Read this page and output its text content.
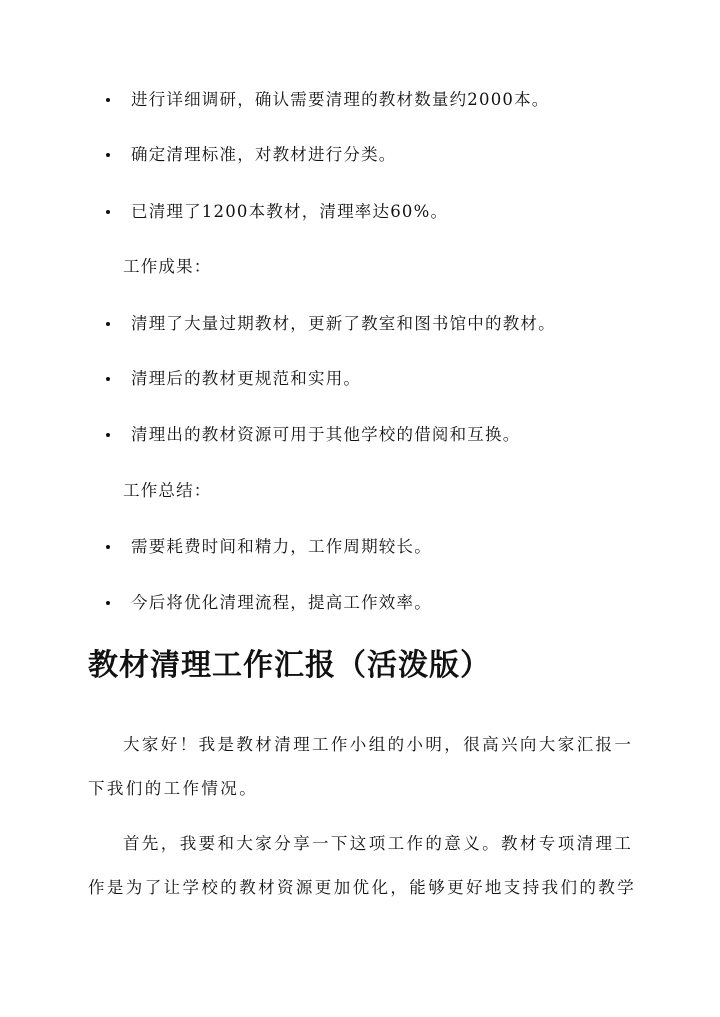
进行详细调研，确认需要清理的教材数量约2000本。
确定清理标准，对教材进行分类。
已清理了1200本教材，清理率达60%。
工作成果：
清理了大量过期教材，更新了教室和图书馆中的教材。
清理后的教材更规范和实用。
清理出的教材资源可用于其他学校的借阅和互换。
工作总结：
需要耗费时间和精力，工作周期较长。
今后将优化清理流程，提高工作效率。
教材清理工作汇报（活泼版）
大家好！我是教材清理工作小组的小明，很高兴向大家汇报一
下我们的工作情况。
首先，我要和大家分享一下这项工作的意义。教材专项清理工
作是为了让学校的教材资源更加优化，能够更好地支持我们的教学
